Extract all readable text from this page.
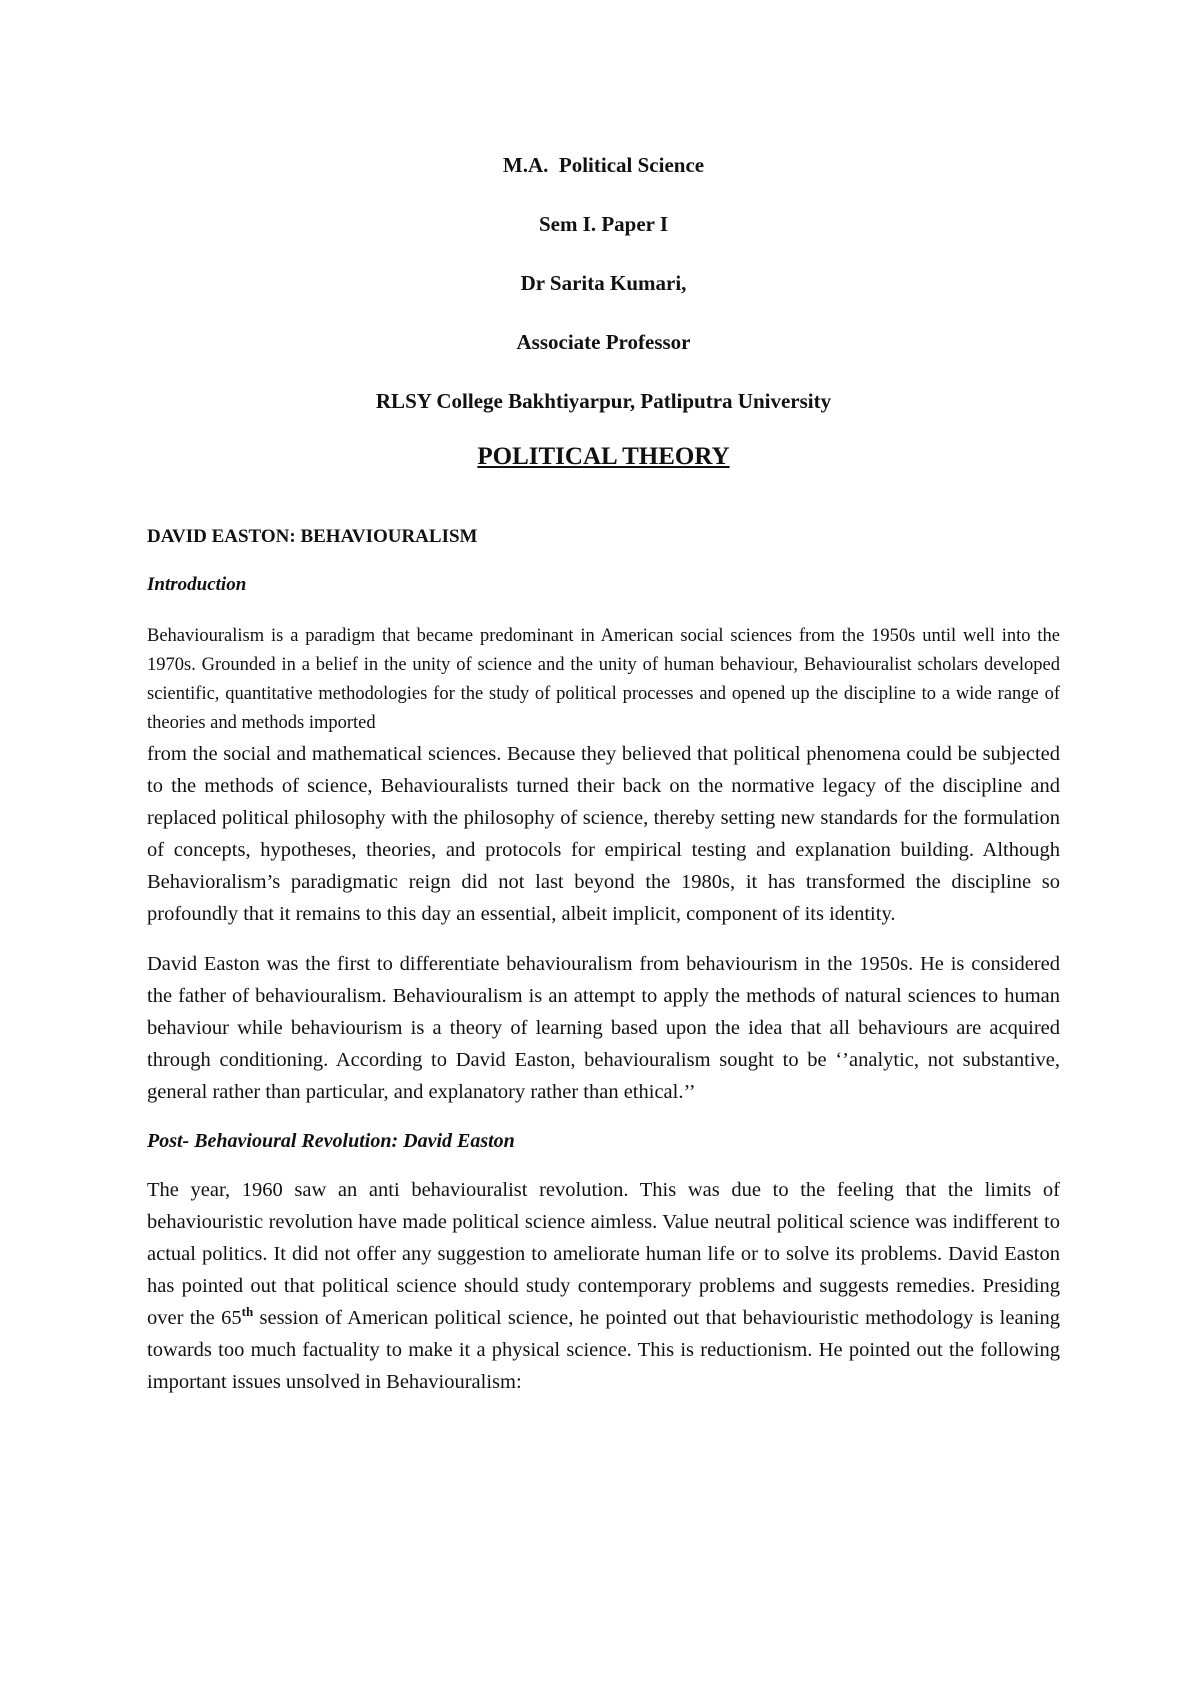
M.A.  Political Science

Sem I. Paper I

Dr Sarita Kumari,

Associate Professor

RLSY College Bakhtiyarpur, Patliputra University

POLITICAL THEORY
DAVID EASTON: BEHAVIOURALISM
Introduction

Behaviouralism is a paradigm that became predominant in American social sciences from the 1950s until well into the 1970s. Grounded in a belief in the unity of science and the unity of human behaviour, Behaviouralist scholars developed scientific, quantitative methodologies for the study of political processes and opened up the discipline to a wide range of theories and methods imported

from the social and mathematical sciences. Because they believed that political phenomena could be subjected to the methods of science, Behaviouralists turned their back on the normative legacy of the discipline and replaced political philosophy with the philosophy of science, thereby setting new standards for the formulation of concepts, hypotheses, theories, and protocols for empirical testing and explanation building. Although Behavioralism’s paradigmatic reign did not last beyond the 1980s, it has transformed the discipline so profoundly that it remains to this day an essential, albeit implicit, component of its identity.

David Easton was the first to differentiate behaviouralism from behaviourism in the 1950s. He is considered the father of behaviouralism. Behaviouralism is an attempt to apply the methods of natural sciences to human behaviour while behaviourism is a theory of learning based upon the idea that all behaviours are acquired through conditioning. According to David Easton, behaviouralism sought to be ‘’analytic, not substantive, general rather than particular, and explanatory rather than ethical.’’

Post- Behavioural Revolution: David Easton

The year, 1960 saw an anti behaviouralist revolution. This was due to the feeling that the limits of behaviouristic revolution have made political science aimless. Value neutral political science was indifferent to actual politics. It did not offer any suggestion to ameliorate human life or to solve its problems. David Easton has pointed out that political science should study contemporary problems and suggests remedies. Presiding over the 65th session of American political science, he pointed out that behaviouristic methodology is leaning towards too much factuality to make it a physical science. This is reductionism. He pointed out the following important issues unsolved in Behaviouralism:
